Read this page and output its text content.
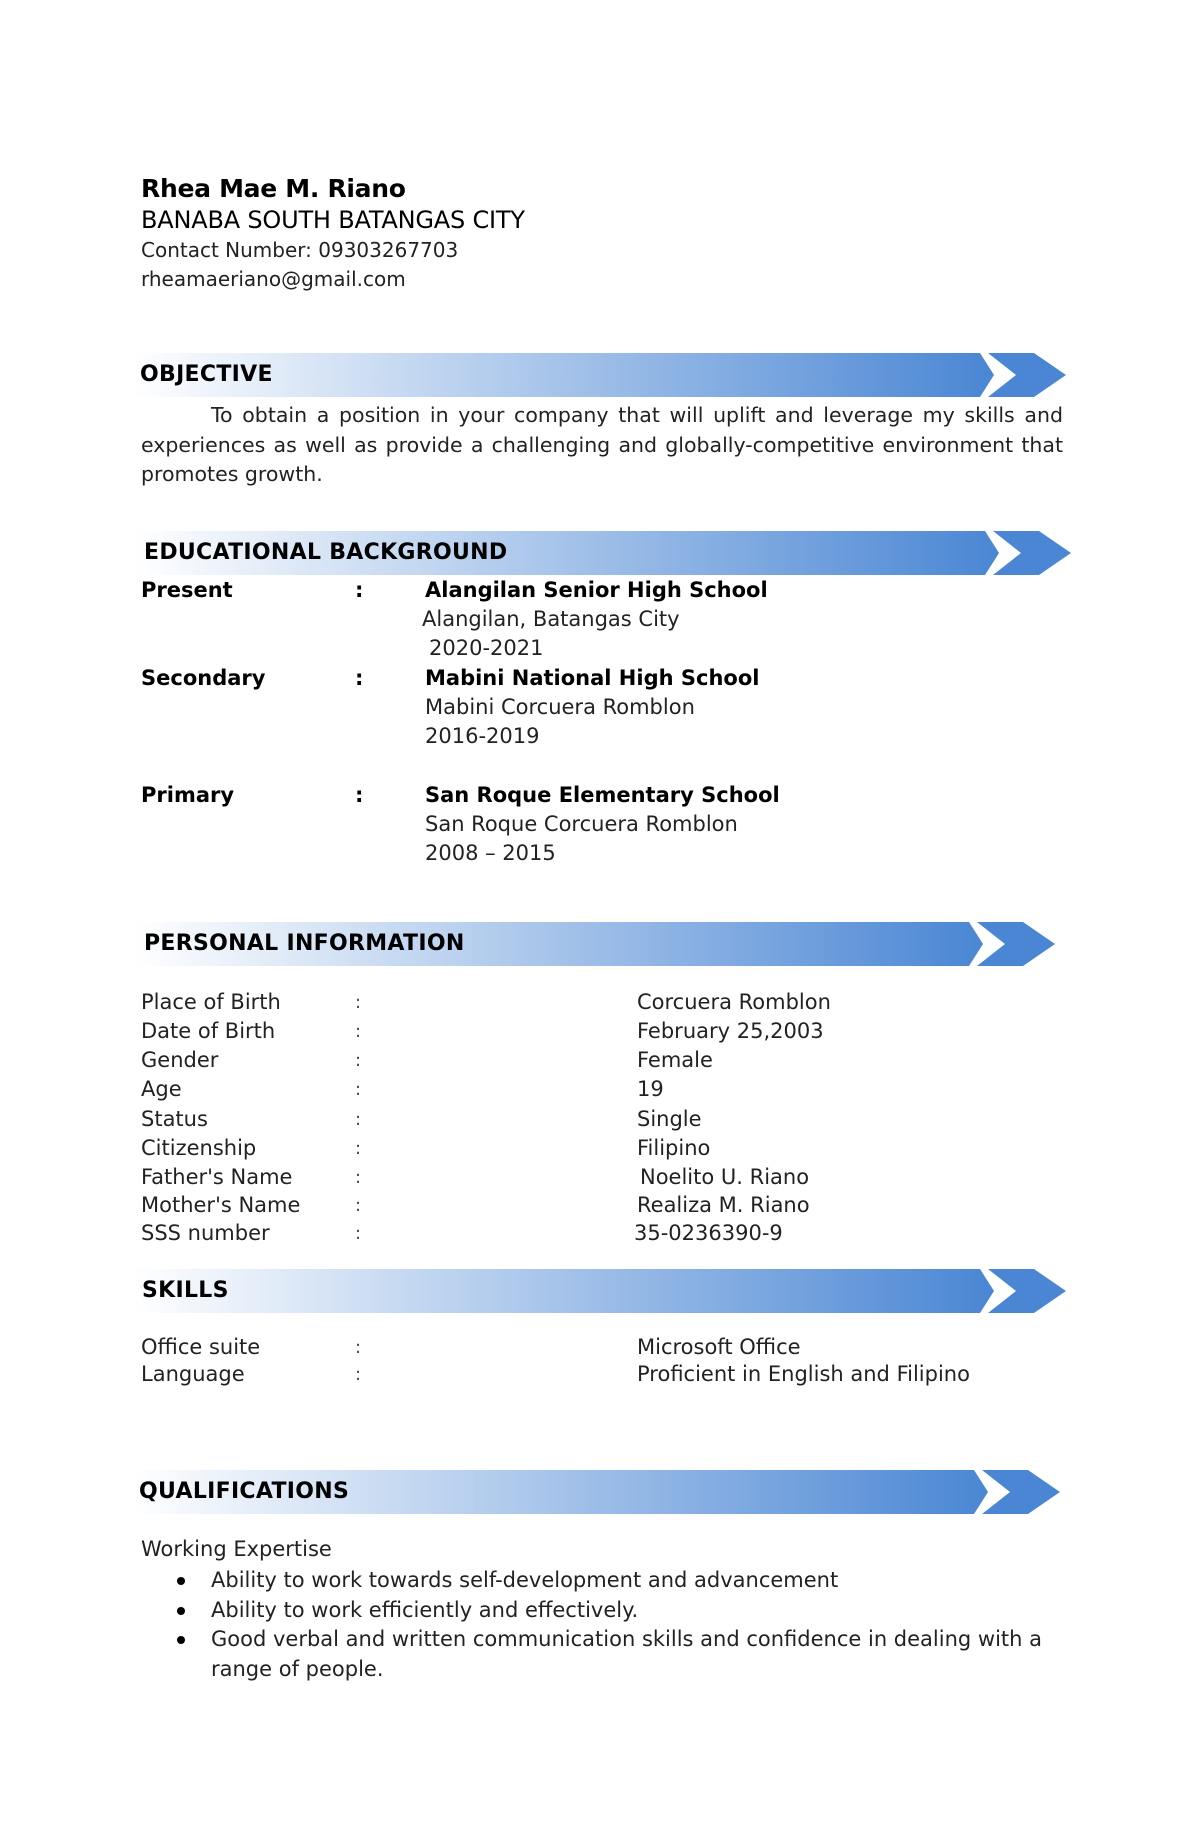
Rhea Mae M. Riano
BANABA SOUTH BATANGAS CITY
Contact Number: 09303267703
rheamaeriano@gmail.com
OBJECTIVE
To obtain a position in your company that will uplift and leverage my skills and experiences as well as provide a challenging and globally-competitive environment that promotes growth.
EDUCATIONAL BACKGROUND
Present	:	Alangilan Senior High School
Alangilan, Batangas City
2020-2021
Secondary	:	Mabini National High School
Mabini Corcuera Romblon
2016-2019
Primary	:	San Roque Elementary School
San Roque Corcuera Romblon
2008 – 2015
PERSONAL INFORMATION
Place of Birth	:	Corcuera Romblon
Date of Birth	:	February 25,2003
Gender	:	Female
Age	:	19
Status	:	Single
Citizenship	:	Filipino
Father's Name	:	Noelito U. Riano
Mother's Name	:	Realiza M. Riano
SSS number	:	35-0236390-9
SKILLS
Office suite	:	Microsoft Office
Language	:	Proficient in English and Filipino
QUALIFICATIONS
Working Expertise
Ability to work towards self-development and advancement
Ability to work efficiently and effectively.
Good verbal and written communication skills and confidence in dealing with a range of people.
